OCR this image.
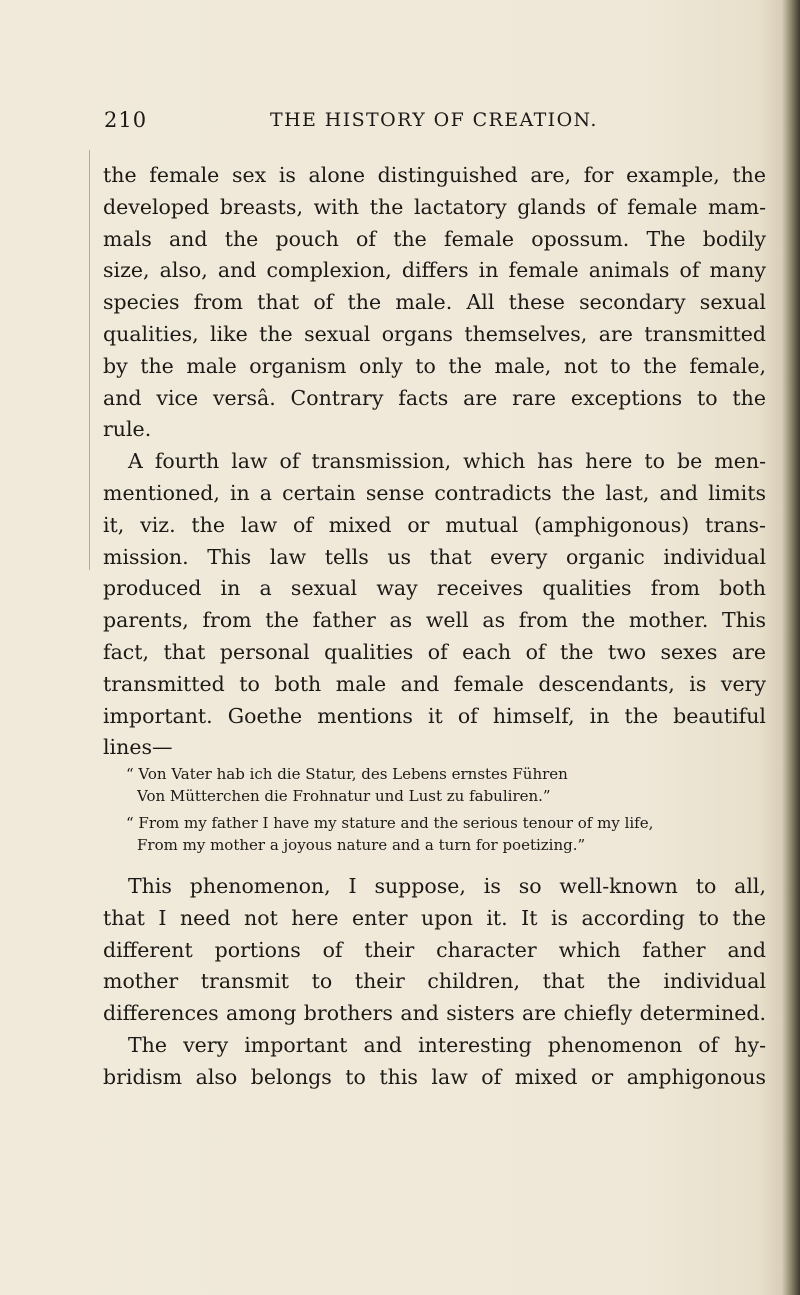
210	THE HISTORY OF CREATION.
the female sex is alone distinguished are, for example, the
developed breasts, with the lactatory glands of female mam-
mals and the pouch of the female opossum. The bodily
size, also, and complexion, differs in female animals of many
species from that of the male. All these secondary sexual
qualities, like the sexual organs themselves, are transmitted
by the male organism only to the male, not to the female,
and vice versâ. Contrary facts are rare exceptions to the
rule.
A fourth law of transmission, which has here to be men-
mentioned, in a certain sense contradicts the last, and limits
it, viz. the law of mixed or mutual (amphigonous) trans-
mission. This law tells us that every organic individual
produced in a sexual way receives qualities from both
parents, from the father as well as from the mother. This
fact, that personal qualities of each of the two sexes are
transmitted to both male and female descendants, is very
important. Goethe mentions it of himself, in the beautiful
lines—
“ Von Vater hab ich die Statur, des Lebens ernstes Führen
Von Mütterchen die Frohnatur und Lust zu fabuliren.”
“ From my father I have my stature and the serious tenour of my life,
From my mother a joyous nature and a turn for poetizing.”
This phenomenon, I suppose, is so well-known to all,
that I need not here enter upon it. It is according to the
different portions of their character which father and
mother transmit to their children, that the individual
differences among brothers and sisters are chiefly determined.
The very important and interesting phenomenon of hy-
bridism also belongs to this law of mixed or amphigonous
